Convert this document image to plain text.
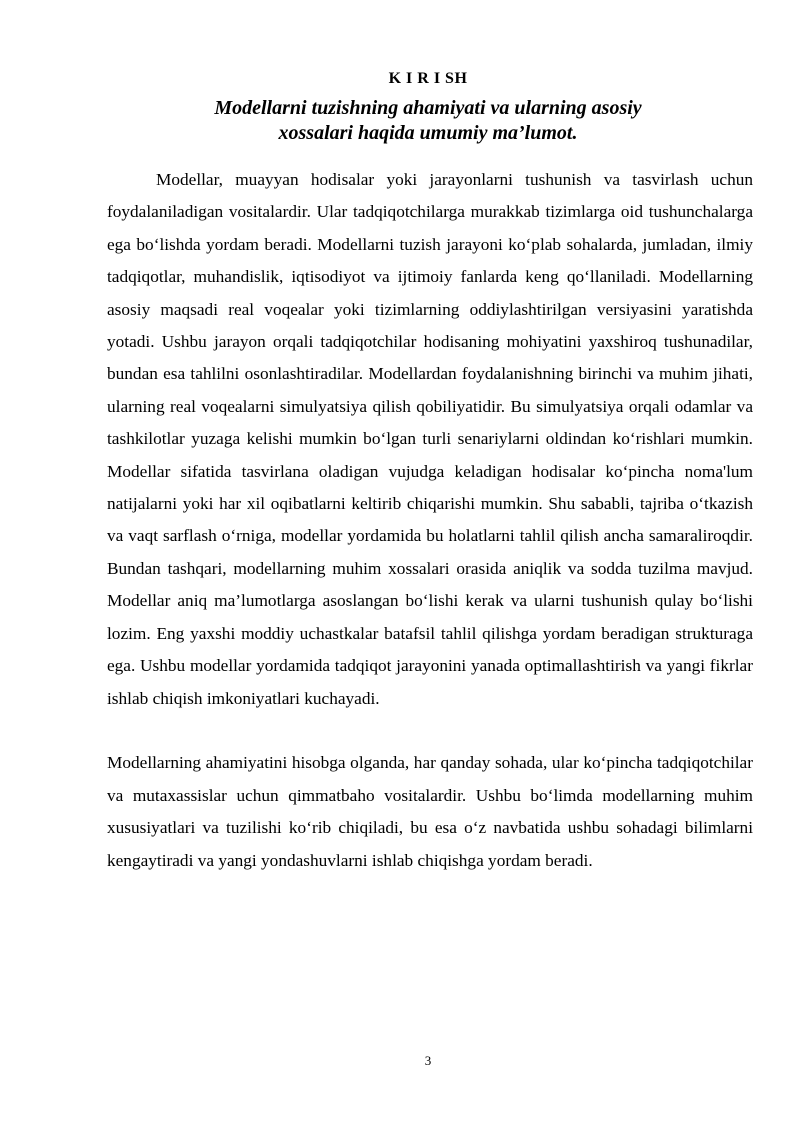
K I R I SH
Modellarni tuzishning ahamiyati va ularning asosiy
xossalari haqida umumiy ma’lumot.

Modellar, muayyan hodisalar yoki jarayonlarni tushunish va tasvirlash uchun foydalaniladigan vositalardir. Ular tadqiqotchilarga murakkab tizimlarga oid tushunchalarga ega bo‘lishda yordam beradi. Modellarni tuzish jarayoni ko‘plab sohalarda, jumladan, ilmiy tadqiqotlar, muhandislik, iqtisodiyot va ijtimoiy fanlarda keng qo‘llaniladi. Modellarning asosiy maqsadi real voqealar yoki tizimlarning oddiylashtirilgan versiyasini yaratishda yotadi. Ushbu jarayon orqali tadqiqotchilar hodisaning mohiyatini yaxshiroq tushunadilar, bundan esa tahlilni osonlashtiradilar. Modellardan foydalanishning birinchi va muhim jihati, ularning real voqealarni simulyatsiya qilish qobiliyatidir. Bu simulyatsiya orqali odamlar va tashkilotlar yuzaga kelishi mumkin bo‘lgan turli senariylarni oldindan ko‘rishlari mumkin. Modellar sifatida tasvirlana oladigan vujudga keladigan hodisalar ko‘pincha noma'lum natijalarni yoki har xil oqibatlarni keltirib chiqarishi mumkin. Shu sababli, tajriba o‘tkazish va vaqt sarflash o‘rniga, modellar yordamida bu holatlarni tahlil qilish ancha samaraliroqdir. Bundan tashqari, modellarning muhim xossalari orasida aniqlik va sodda tuzilma mavjud. Modellar aniq ma’lumotlarga asoslangan bo‘lishi kerak va ularni tushunish qulay bo‘lishi lozim. Eng yaxshi moddiy uchastkalar batafsil tahlil qilishga yordam beradigan strukturaga ega. Ushbu modellar yordamida tadqiqot jarayonini yanada optimallashtirish va yangi fikrlar ishlab chiqish imkoniyatlari kuchayadi.

Modellarning ahamiyatini hisobga olganda, har qanday sohada, ular ko‘pincha tadqiqotchilar va mutaxassislar uchun qimmatbaho vositalardir. Ushbu bo‘limda modellarning muhim xususiyatlari va tuzilishi ko‘rib chiqiladi, bu esa o‘z navbatida ushbu sohadagi bilimlarni kengaytiradi va yangi yondashuvlarni ishlab chiqishga yordam beradi.

3
